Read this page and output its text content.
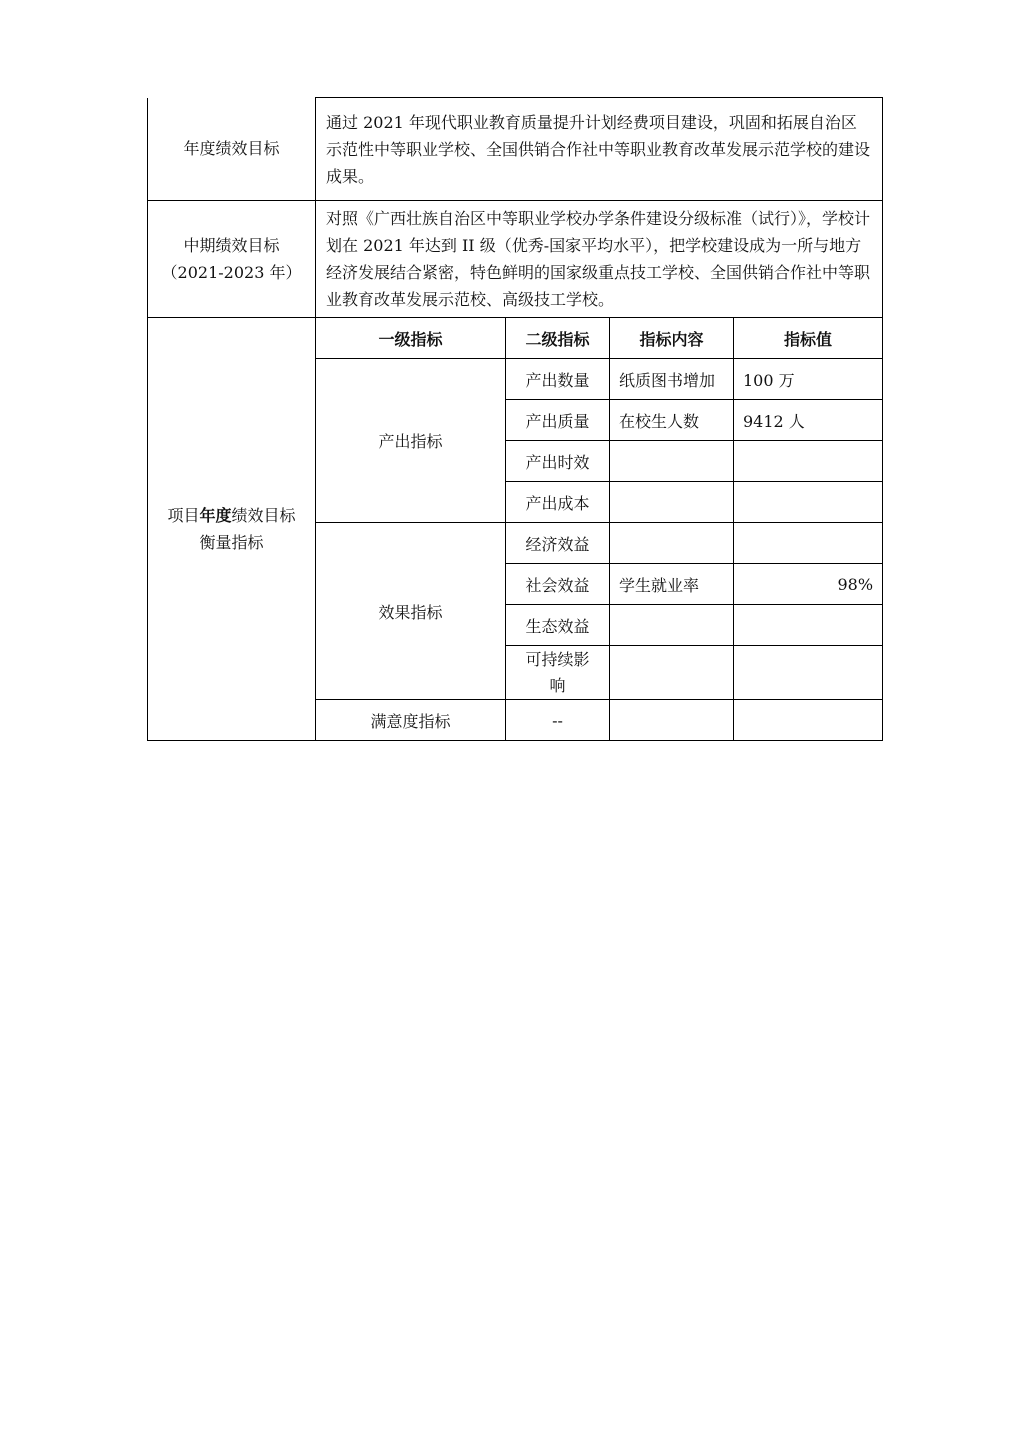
年度绩效目标	通过 2021 年现代职业教育质量提升计划经费项目建设，巩固和拓展自治区示范性中等职业学校、全国供销合作社中等职业教育改革发展示范学校的建设成果。			
中期绩效目标
（2021-2023 年）	对照《广西壮族自治区中等职业学校办学条件建设分级标准（试行）》，学校计划在 2021 年达到 II 级（优秀-国家平均水平），把学校建设成为一所与地方经济发展结合紧密，特色鲜明的国家级重点技工学校、全国供销合作社中等职业教育改革发展示范校、高级技工学校。			
项目年度绩效目标
衡量指标	一级指标	二级指标	指标内容	指标值
	产出指标	产出数量	纸质图书增加	100 万
		产出质量	在校生人数	9412 人
		产出时效		
		产出成本		
	效果指标	经济效益		
		社会效益	学生就业率	98%
		生态效益		
		可持续影
响		
	满意度指标	--		
